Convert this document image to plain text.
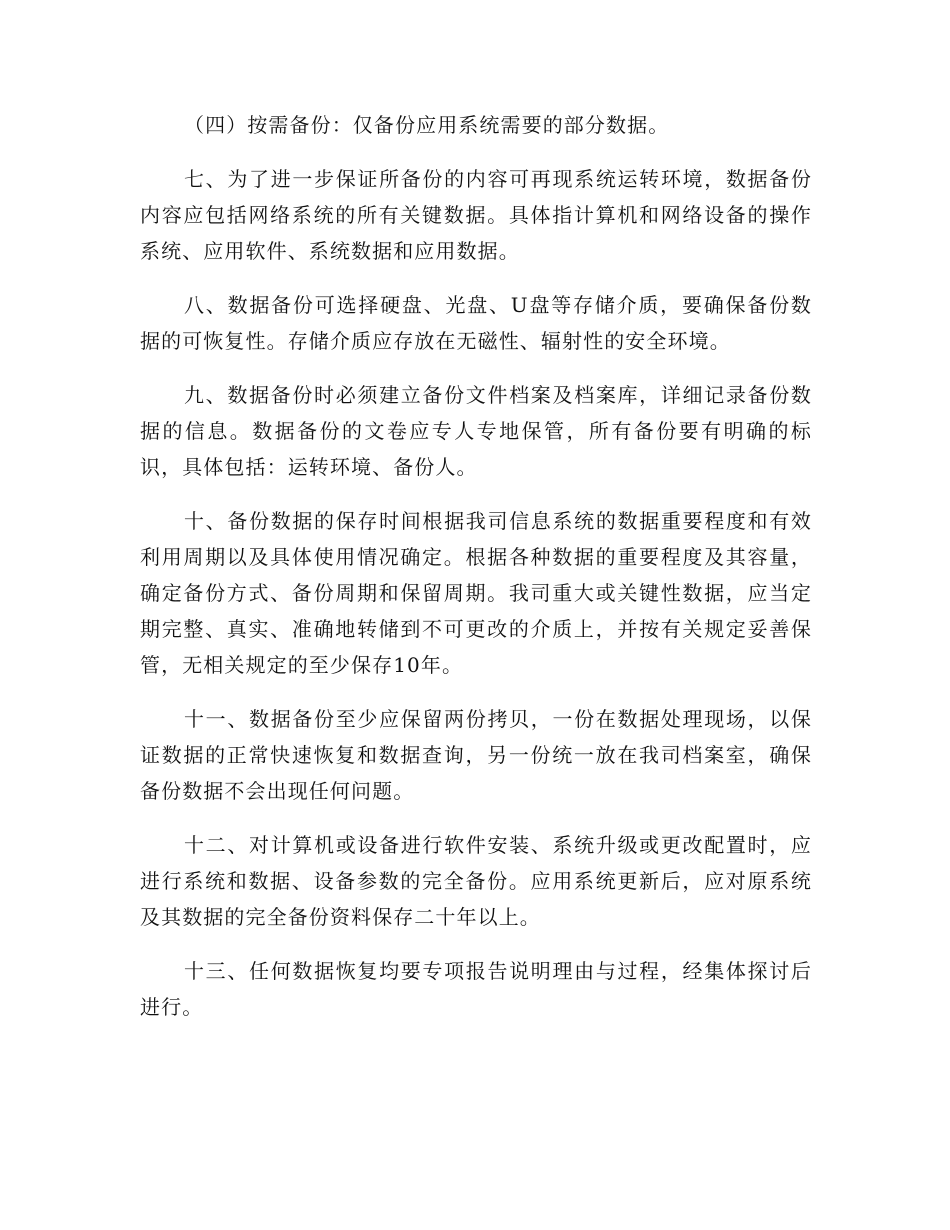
（四）按需备份：仅备份应用系统需要的部分数据。

七、为了进一步保证所备份的内容可再现系统运转环境，数据备份内容应包括网络系统的所有关键数据。具体指计算机和网络设备的操作系统、应用软件、系统数据和应用数据。

八、数据备份可选择硬盘、光盘、U盘等存储介质，要确保备份数据的可恢复性。存储介质应存放在无磁性、辐射性的安全环境。

九、数据备份时必须建立备份文件档案及档案库，详细记录备份数据的信息。数据备份的文卷应专人专地保管，所有备份要有明确的标识，具体包括：运转环境、备份人。

十、备份数据的保存时间根据我司信息系统的数据重要程度和有效利用周期以及具体使用情况确定。根据各种数据的重要程度及其容量，确定备份方式、备份周期和保留周期。我司重大或关键性数据，应当定期完整、真实、准确地转储到不可更改的介质上，并按有关规定妥善保管，无相关规定的至少保存10年。

十一、数据备份至少应保留两份拷贝，一份在数据处理现场，以保证数据的正常快速恢复和数据查询，另一份统一放在我司档案室，确保备份数据不会出现任何问题。

十二、对计算机或设备进行软件安装、系统升级或更改配置时，应进行系统和数据、设备参数的完全备份。应用系统更新后，应对原系统及其数据的完全备份资料保存二十年以上。

十三、任何数据恢复均要专项报告说明理由与过程，经集体探讨后进行。
